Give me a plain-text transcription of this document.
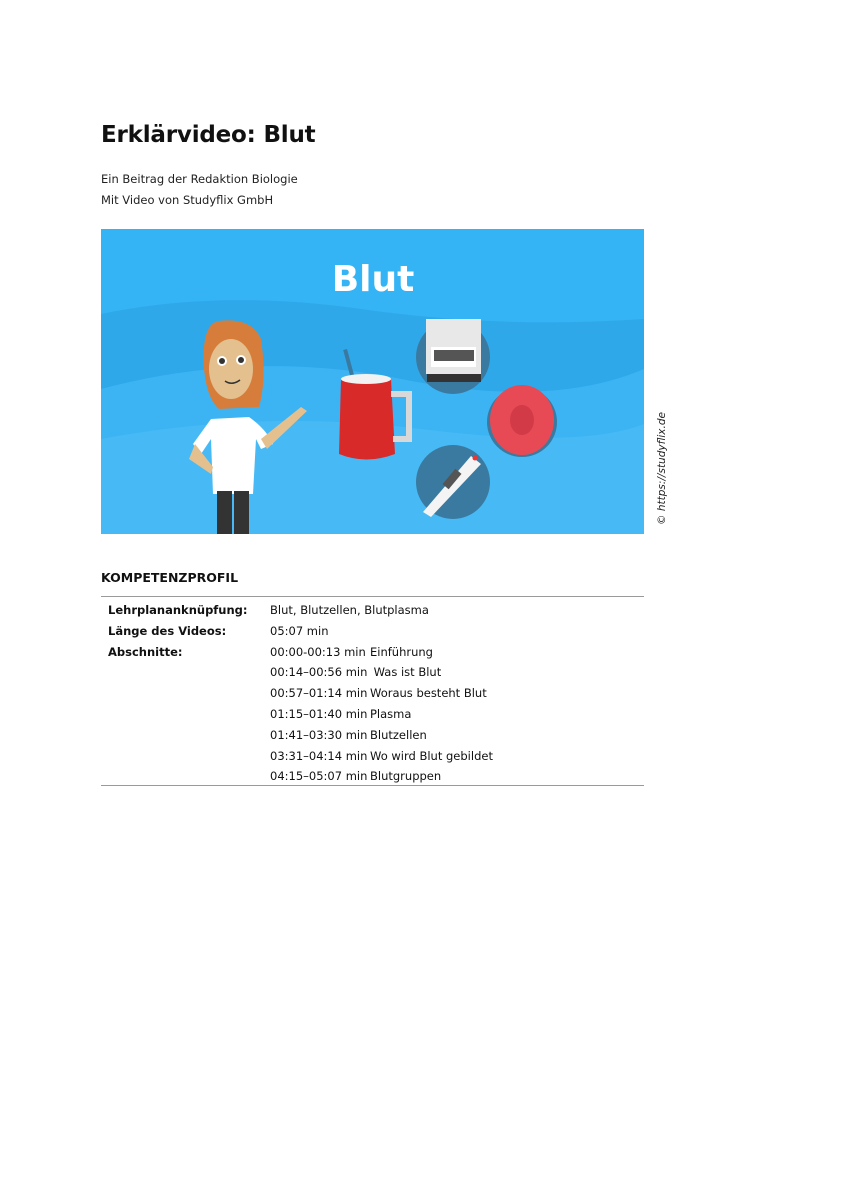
Erklärvideo: Blut
Ein Beitrag der Redaktion Biologie
Mit Video von Studyflix GmbH
Blut
© https://studyflix.de
KOMPETENZPROFIL
Lehrplananknüpfung:
Länge des Videos:
Abschnitte:
Blut, Blutzellen, Blutplasma
05:07 min
00:00-00:13 min Einführung
00:14–00:56 min Was ist Blut
00:57–01:14 min Woraus besteht Blut
01:15–01:40 min Plasma
01:41–03:30 min Blutzellen
03:31–04:14 min Wo wird Blut gebildet
04:15–05:07 min Blutgruppen
